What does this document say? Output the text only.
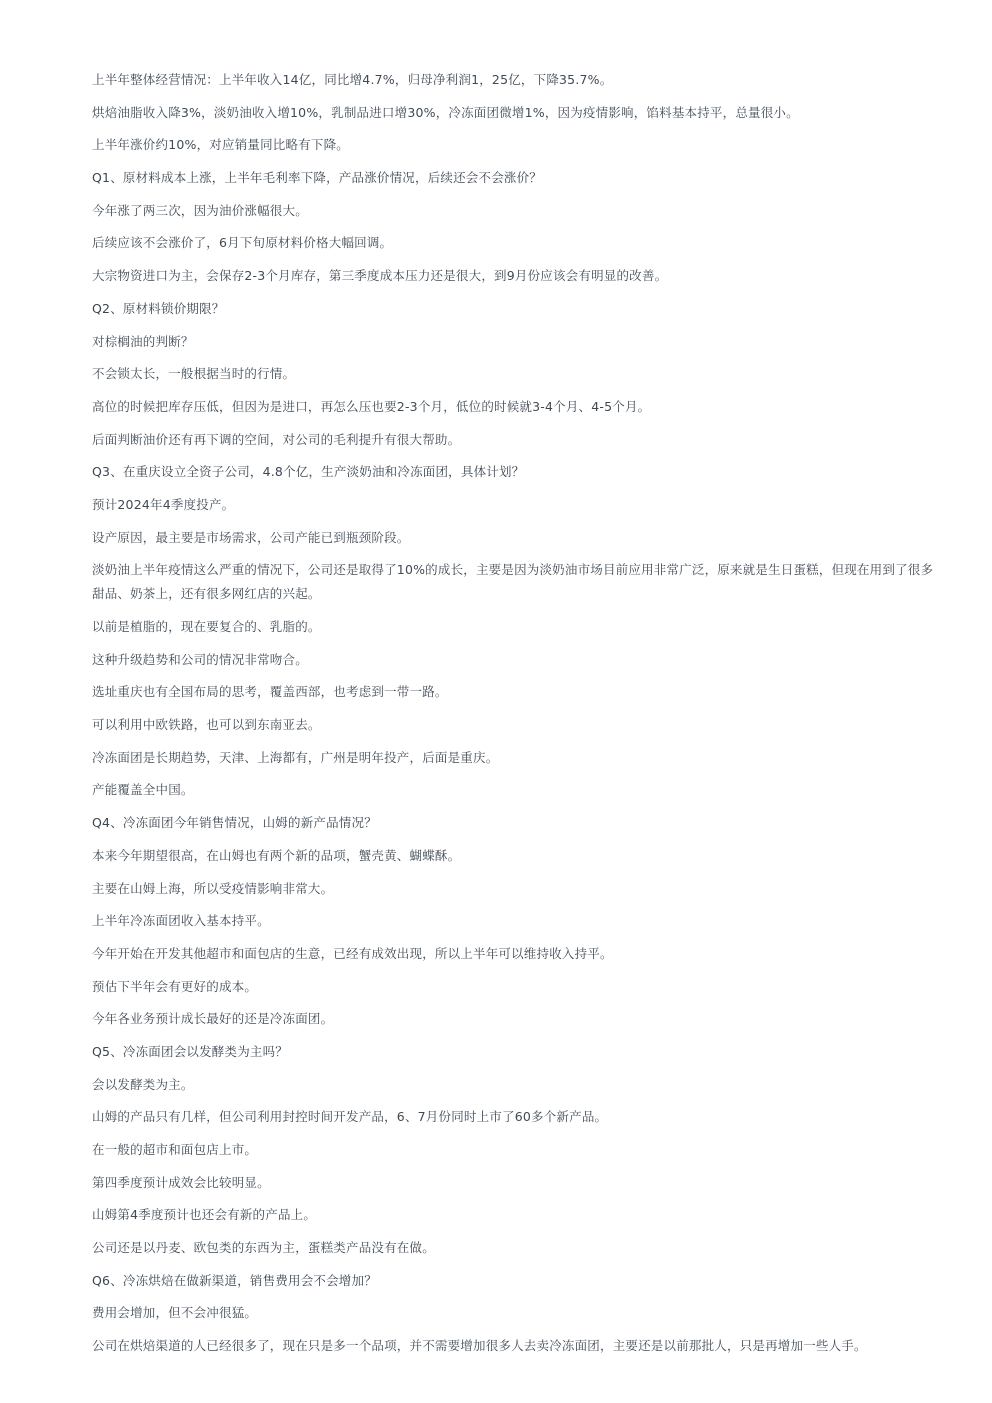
上半年整体经营情况：上半年收入14亿，同比增4.7%，归母净利润1，25亿，下降35.7%。

烘焙油脂收入降3%，淡奶油收入增10%，乳制品进口增30%，冷冻面团微增1%，因为疫情影响，馅料基本持平，总量很小。

上半年涨价约10%，对应销量同比略有下降。

Q1、原材料成本上涨，上半年毛利率下降，产品涨价情况，后续还会不会涨价？

今年涨了两三次，因为油价涨幅很大。

后续应该不会涨价了，6月下旬原材料价格大幅回调。

大宗物资进口为主，会保存2-3个月库存，第三季度成本压力还是很大，到9月份应该会有明显的改善。

Q2、原材料锁价期限？

对棕榈油的判断？

不会锁太长，一般根据当时的行情。

高位的时候把库存压低，但因为是进口，再怎么压也要2-3个月，低位的时候就3-4个月、4-5个月。

后面判断油价还有再下调的空间，对公司的毛利提升有很大帮助。

Q3、在重庆设立全资子公司，4.8个亿，生产淡奶油和冷冻面团，具体计划？

预计2024年4季度投产。

设产原因，最主要是市场需求，公司产能已到瓶颈阶段。

淡奶油上半年疫情这么严重的情况下，公司还是取得了10%的成长，主要是因为淡奶油市场目前应用非常广泛，原来就是生日蛋糕，但现在用到了很多甜品、奶茶上，还有很多网红店的兴起。

以前是植脂的，现在要复合的、乳脂的。

这种升级趋势和公司的情况非常吻合。

选址重庆也有全国布局的思考，覆盖西部，也考虑到一带一路。

可以利用中欧铁路，也可以到东南亚去。

冷冻面团是长期趋势，天津、上海都有，广州是明年投产，后面是重庆。

产能覆盖全中国。

Q4、冷冻面团今年销售情况，山姆的新产品情况？

本来今年期望很高，在山姆也有两个新的品项，蟹壳黄、蝴蝶酥。

主要在山姆上海，所以受疫情影响非常大。

上半年冷冻面团收入基本持平。

今年开始在开发其他超市和面包店的生意，已经有成效出现，所以上半年可以维持收入持平。

预估下半年会有更好的成本。

今年各业务预计成长最好的还是冷冻面团。

Q5、冷冻面团会以发酵类为主吗？

会以发酵类为主。

山姆的产品只有几样，但公司利用封控时间开发产品，6、7月份同时上市了60多个新产品。

在一般的超市和面包店上市。

第四季度预计成效会比较明显。

山姆第4季度预计也还会有新的产品上。

公司还是以丹麦、欧包类的东西为主，蛋糕类产品没有在做。

Q6、冷冻烘焙在做新渠道，销售费用会不会增加？

费用会增加，但不会冲很猛。

公司在烘焙渠道的人已经很多了，现在只是多一个品项，并不需要增加很多人去卖冷冻面团，主要还是以前那批人，只是再增加一些人手。
